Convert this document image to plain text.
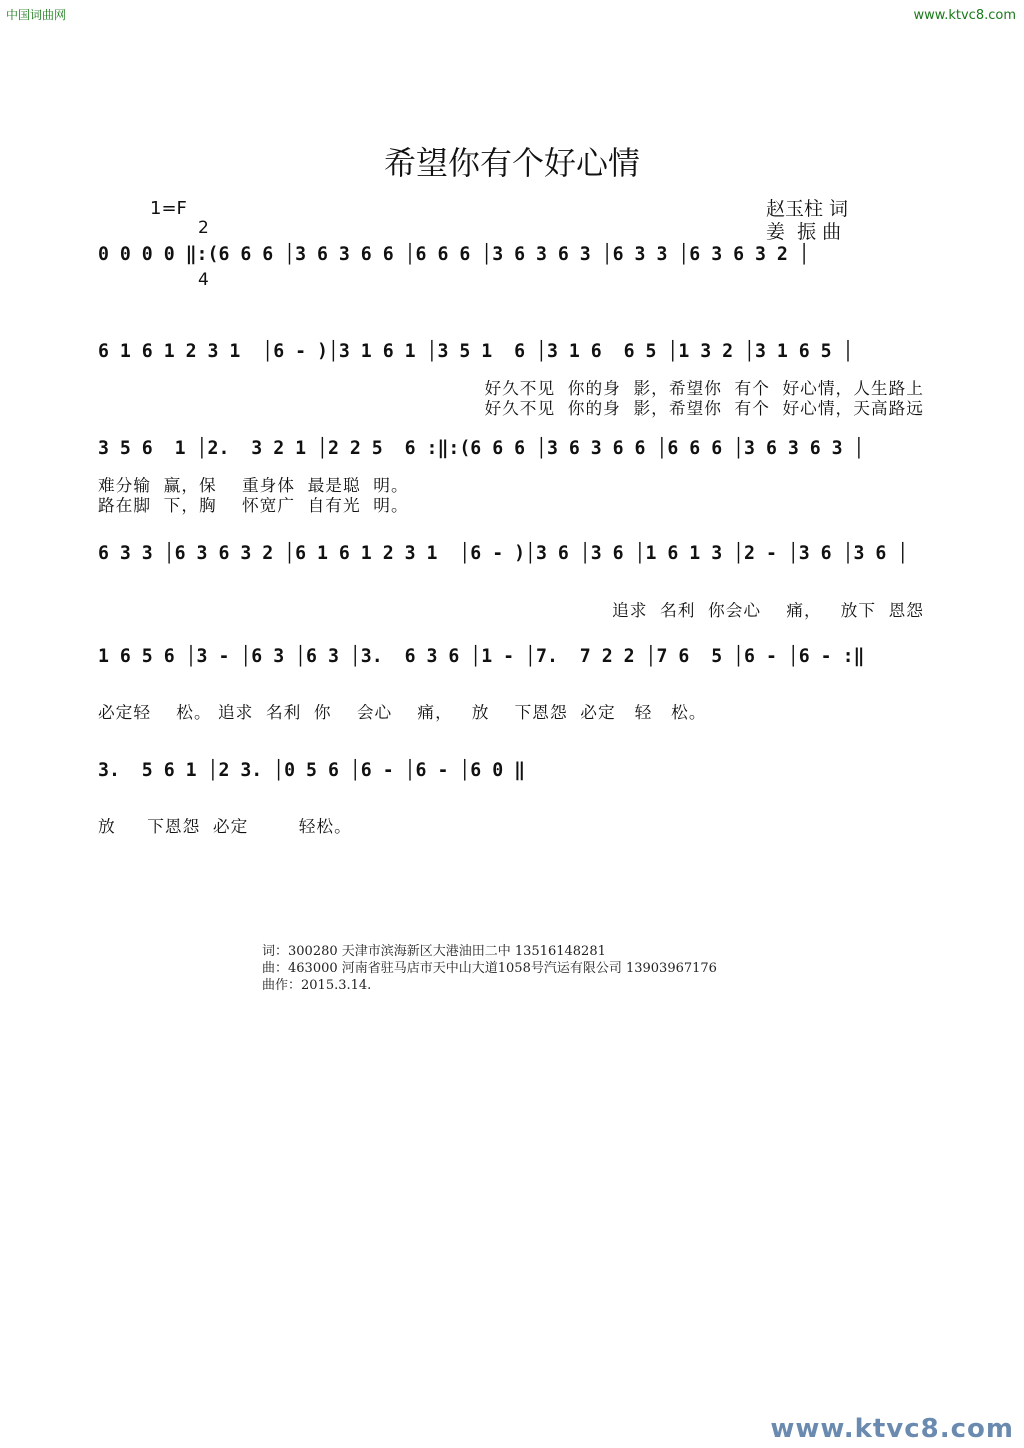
中国词曲网	www.ktvc8.com
希望你有个好心情
1=F

2

4

赵玉柱 词
姜  振 曲
0 0 0 0 ‖:(6 6 6 │3 6 3 6 6 │6 6 6 │3 6 3 6 3 │6 3 3 │6 3 6 3 2 │
6 1 6 1 2 3 1  │6 - )│3 1 6 1 │3 5 1  6 │3 1 6  6 5 │1 3 2 │3 1 6 5 │
好久不见  你的身  影，希望你  有个  好心情，人生路上
好久不见  你的身  影，希望你  有个  好心情，天高路远
3 5 6  1 │2.  3 2 1 │2 2 5  6 :‖:(6 6 6 │3 6 3 6 6 │6 6 6 │3 6 3 6 3 │
难分输  赢，保    重身体  最是聪  明。
路在脚  下，胸    怀宽广  自有光  明。
6 3 3 │6 3 6 3 2 │6 1 6 1 2 3 1  │6 - )│3 6 │3 6 │1 6 1 3 │2 - │3 6 │3 6 │
追求  名利  你会心    痛，   放下  恩怨
1 6 5 6 │3 - │6 3 │6 3 │3.  6 3 6 │1 - │7.  7 2 2 │7 6  5 │6 - │6 - :‖
必定轻    松。 追求  名利  你    会心    痛，   放    下恩怨  必定   轻   松。
3.  5 6 1 │2 3. │0 5 6 │6 - │6 - │6 0 ‖
放     下恩怨  必定        轻松。
词：300280 天津市滨海新区大港油田二中 13516148281
曲：463000 河南省驻马店市天中山大道1058号汽运有限公司 13903967176
曲作：2015.3.14.
www.ktvc8.com
